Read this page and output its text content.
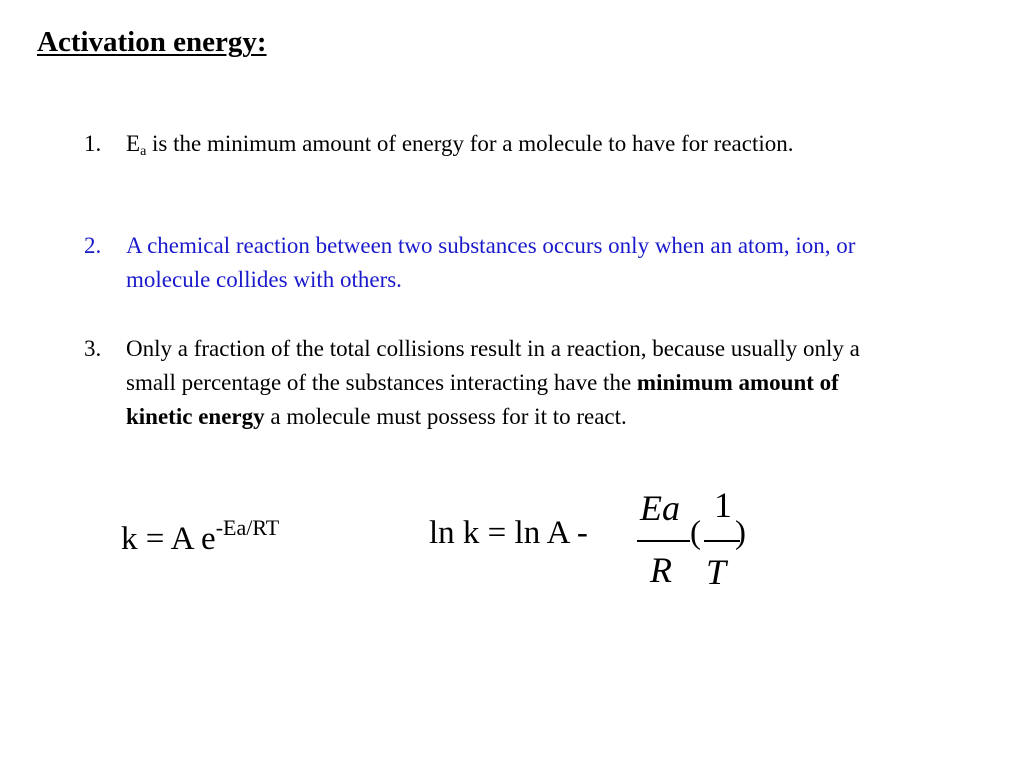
Activation energy:
1. $E_a$ is the minimum amount of energy for a molecule to have for reaction.
2. A chemical reaction between two substances occurs only when an atom, ion, or molecule collides with others.
3. Only a fraction of the total collisions result in a reaction, because usually only a small percentage of the substances interacting have the minimum amount of kinetic energy a molecule must possess for it to react.
k = A $e^{-Ea/RT}$	ln k = ln A -
Ea
R
(
1
T
)
